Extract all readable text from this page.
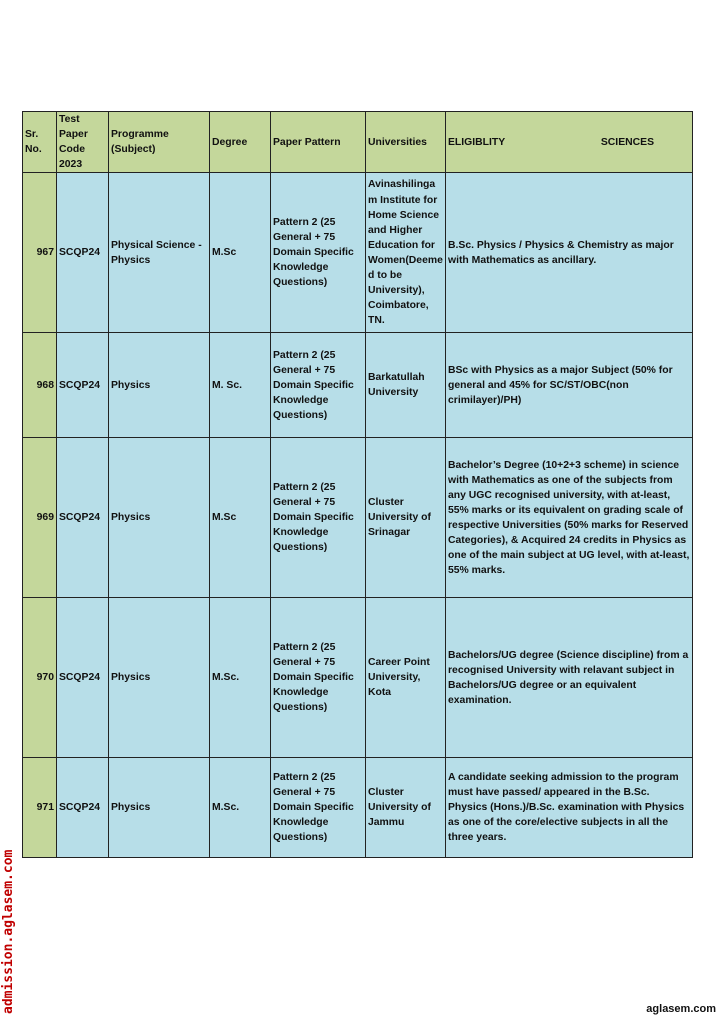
Sr. No.	Test Paper Code 2023	Programme (Subject)	Degree	Paper Pattern	Universities	ELIGIBLITY SCIENCES

967	SCQP24	Physical Science - Physics	M.Sc	Pattern 2 (25 General + 75 Domain Specific Knowledge Questions)	Avinashilingam Institute for Home Science and Higher Education for Women(Deemed to be University), Coimbatore, TN.	B.Sc. Physics / Physics & Chemistry as major with Mathematics as ancillary.
968	SCQP24	Physics	M. Sc.	Pattern 2 (25 General + 75 Domain Specific Knowledge Questions)	Barkatullah University	BSc with Physics as a major Subject (50% for general and 45% for SC/ST/OBC(non crimilayer)/PH)
969	SCQP24	Physics	M.Sc	Pattern 2 (25 General + 75 Domain Specific Knowledge Questions)	Cluster University of Srinagar	Bachelor’s Degree (10+2+3 scheme) in science with Mathematics as one of the subjects from any UGC recognised university, with at-least, 55% marks or its equivalent on grading scale of respective Universities (50% marks for Reserved Categories), & Acquired 24 credits in Physics as one of the main subject at UG level, with at-least, 55% marks.
970	SCQP24	Physics	M.Sc.	Pattern 2 (25 General + 75 Domain Specific Knowledge Questions)	Career Point University, Kota	Bachelors/UG degree (Science discipline) from a recognised University with relavant subject in Bachelors/UG degree or an equivalent examination.
971	SCQP24	Physics	M.Sc.	Pattern 2 (25 General + 75 Domain Specific Knowledge Questions)	Cluster University of Jammu	A candidate seeking admission to the program must have passed/ appeared in the B.Sc. Physics (Hons.)/B.Sc. examination with Physics as one of the core/elective subjects in all the three years.
admission.aglasem.com	aglasem.com
